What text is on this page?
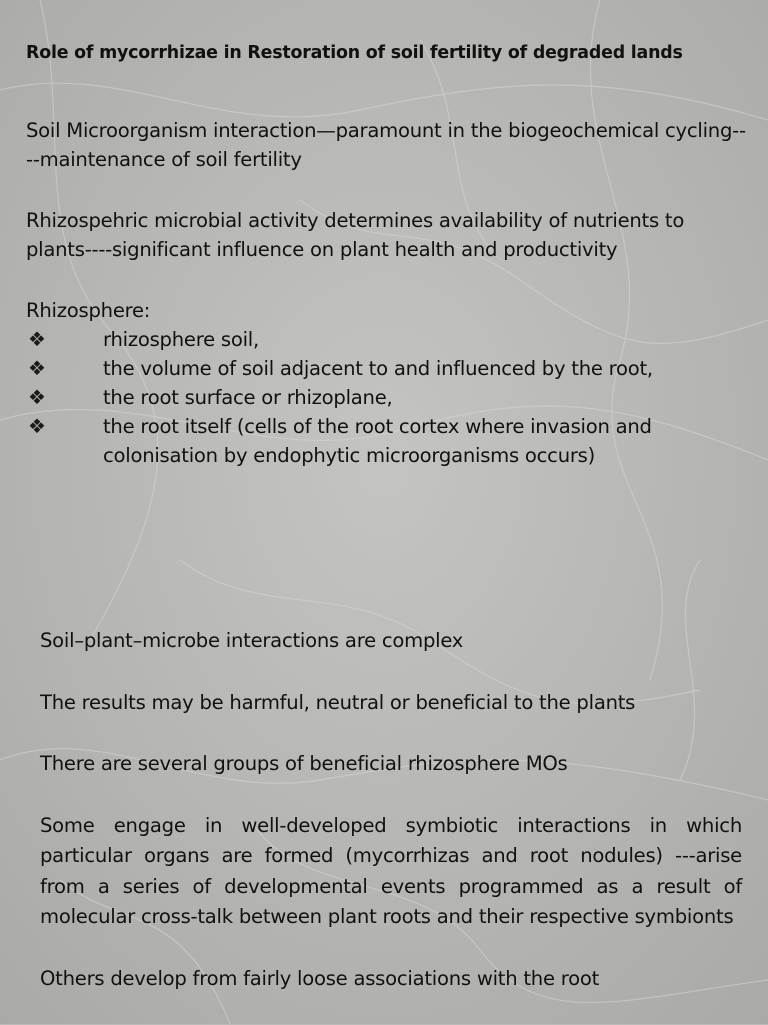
Role of mycorrhizae in Restoration of soil fertility of degraded lands

Soil Microorganism interaction—paramount in the biogeochemical cycling----maintenance of soil fertility

Rhizospehric microbial activity determines availability of nutrients to plants----significant influence on plant health and productivity

Rhizosphere:

❖	rhizosphere soil,
❖	the volume of soil adjacent to and influenced by the root,
❖	the root surface or rhizoplane,
❖	the root itself (cells of the root cortex where invasion and colonisation by endophytic microorganisms occurs)

Soil–plant–microbe interactions are complex

The results may be harmful, neutral or beneficial to the plants

There are several groups of beneficial rhizosphere MOs

Some engage in well-developed symbiotic interactions in which particular organs are formed (mycorrhizas and root nodules) ---arise from a series of developmental events programmed as a result of molecular cross-talk between plant roots and their respective symbionts

Others develop from fairly loose associations with the root
